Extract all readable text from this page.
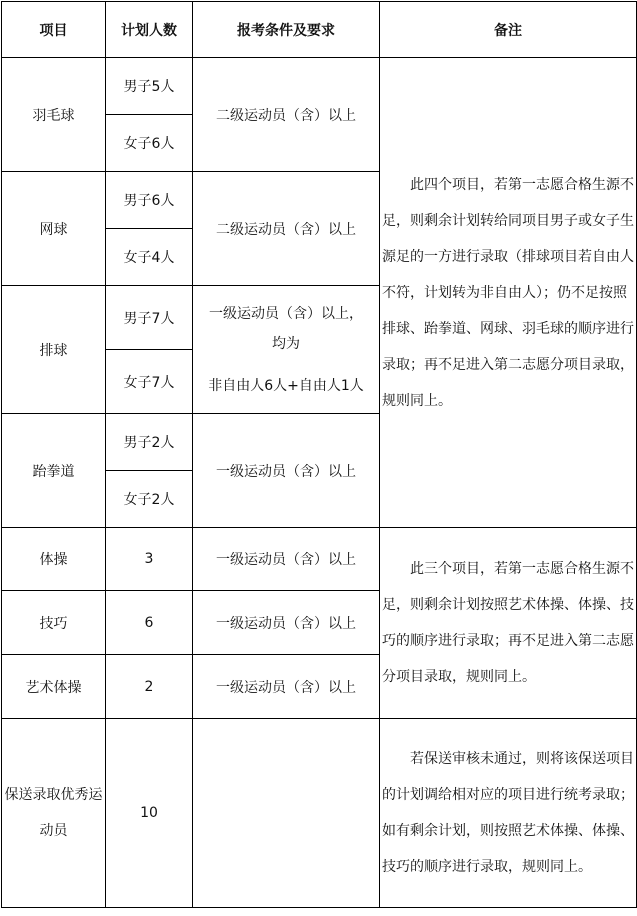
项目	计划人数	报考条件及要求	备注
羽毛球	男子5人	二级运动员（含）以上	此四个项目，若第一志愿合格生源不足，则剩余计划转给同项目男子或女子生源足的一方进行录取（排球项目若自由人不符，计划转为非自由人）；仍不足按照排球、跆拳道、网球、羽毛球的顺序进行录取；再不足进入第二志愿分项目录取，规则同上。

	女子6人		
网球	男子6人	二级运动员（含）以上	
	女子4人		
排球	男子7人	一级运动员（含）以上，
均为
非自由人6人+自由人1人	

	女子7人		
跆拳道	男子2人	一级运动员（含）以上	
	女子2人		
体操	3	一级运动员（含）以上	此三个项目，若第一志愿合格生源不足，则剩余计划按照艺术体操、体操、技巧的顺序进行录取；再不足进入第二志愿分项目录取，规则同上。

技巧	6	一级运动员（含）以上	
艺术体操	2	一级运动员（含）以上	
保送录取优秀运动员	10		若保送审核未通过，则将该保送项目的计划调给相对应的项目进行统考录取；如有剩余计划，则按照艺术体操、体操、技巧的顺序进行录取，规则同上。
